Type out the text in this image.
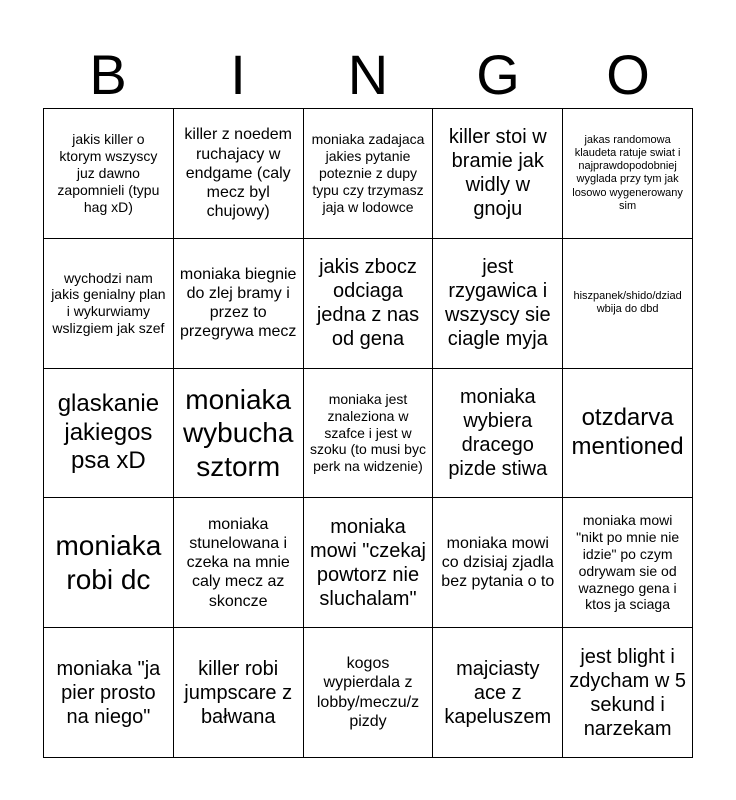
B	I	N	G	O
jakis killer o ktorym wszyscy juz dawno zapomnieli (typu hag xD)
killer z noedem ruchajacy w endgame (caly mecz byl chujowy)
moniaka zadajaca jakies pytanie poteznie z dupy typu czy trzymasz jaja w lodowce
killer stoi w bramie jak widly w gnoju
jakas randomowa klaudeta ratuje swiat i najprawdopodobniej wyglada przy tym jak losowo wygenerowany sim
wychodzi nam jakis genialny plan i wykurwiamy wslizgiem jak szef
moniaka biegnie do zlej bramy i przez to przegrywa mecz
jakis zbocz odciaga jedna z nas od gena
jest rzygawica i wszyscy sie ciagle myja
hiszpanek/shido/dziad wbija do dbd
glaskanie jakiegos psa xD
moniaka wybucha sztorm
moniaka jest znaleziona w szafce i jest w szoku (to musi byc perk na widzenie)
moniaka wybiera dracego pizde stiwa
otzdarva mentioned
moniaka robi dc
moniaka stunelowana i czeka na mnie caly mecz az skonczе
moniaka mowi "czekaj powtorz nie sluchalam"
moniaka mowi co dzisiaj zjadla bez pytania o to
moniaka mowi "nikt po mnie nie idzie" po czym odrywam sie od waznego gena i ktos ja sciaga
moniaka "ja pier prosto na niego"
killer robi jumpscare z bałwana
kogos wypierdala z lobby/meczu/z pizdy
majciasty ace z kapeluszem
jest blight i zdycham w 5 sekund i narzekam
